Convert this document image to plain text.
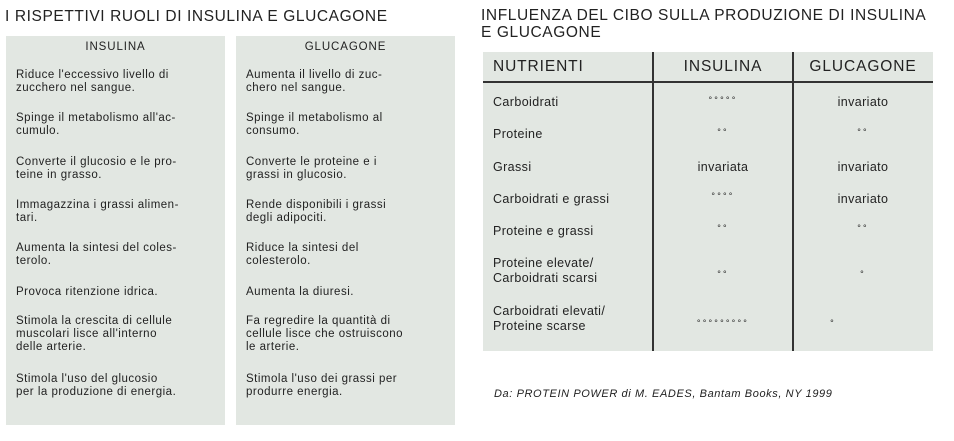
I RISPETTIVI RUOLI DI INSULINA E GLUCAGONE
INSULINA
Riduce l'eccessivo livello di
zucchero nel sangue.
Spinge il metabolismo all'ac-
cumulo.
Converte il glucosio e le pro-
teine in grasso.
Immagazzina i grassi alimen-
tari.
Aumenta la sintesi del coles-
terolo.
Provoca ritenzione idrica.
Stimola la crescita di cellule
muscolari lisce all'interno
delle arterie.
Stimola l'uso del glucosio
per la produzione di energia.
GLUCAGONE
Aumenta il livello di zuc-
chero nel sangue.
Spinge il metabolismo al
consumo.
Converte le proteine e i
grassi in glucosio.
Rende disponibili i grassi
degli adipociti.
Riduce la sintesi del
colesterolo.
Aumenta la diuresi.
Fa regredire la quantità di
cellule lisce che ostruiscono
le arterie.
Stimola l'uso dei grassi per
produrre energia.
INFLUENZA DEL CIBO SULLA PRODUZIONE DI INSULINA E GLUCAGONE
NUTRIENTI	INSULINA	GLUCAGONE
Carboidrati	°°°°°	invariato
Proteine	°°	°°
Grassi	invariata	invariato
Carboidrati e grassi	°°°°	invariato
Proteine e grassi	°°	°°
Proteine elevate/
Carboidrati scarsi	°°	°
Carboidrati elevati/
Proteine scarse	°°°°°°°°°	°
Da: PROTEIN POWER di M. EADES, Bantam Books, NY 1999
